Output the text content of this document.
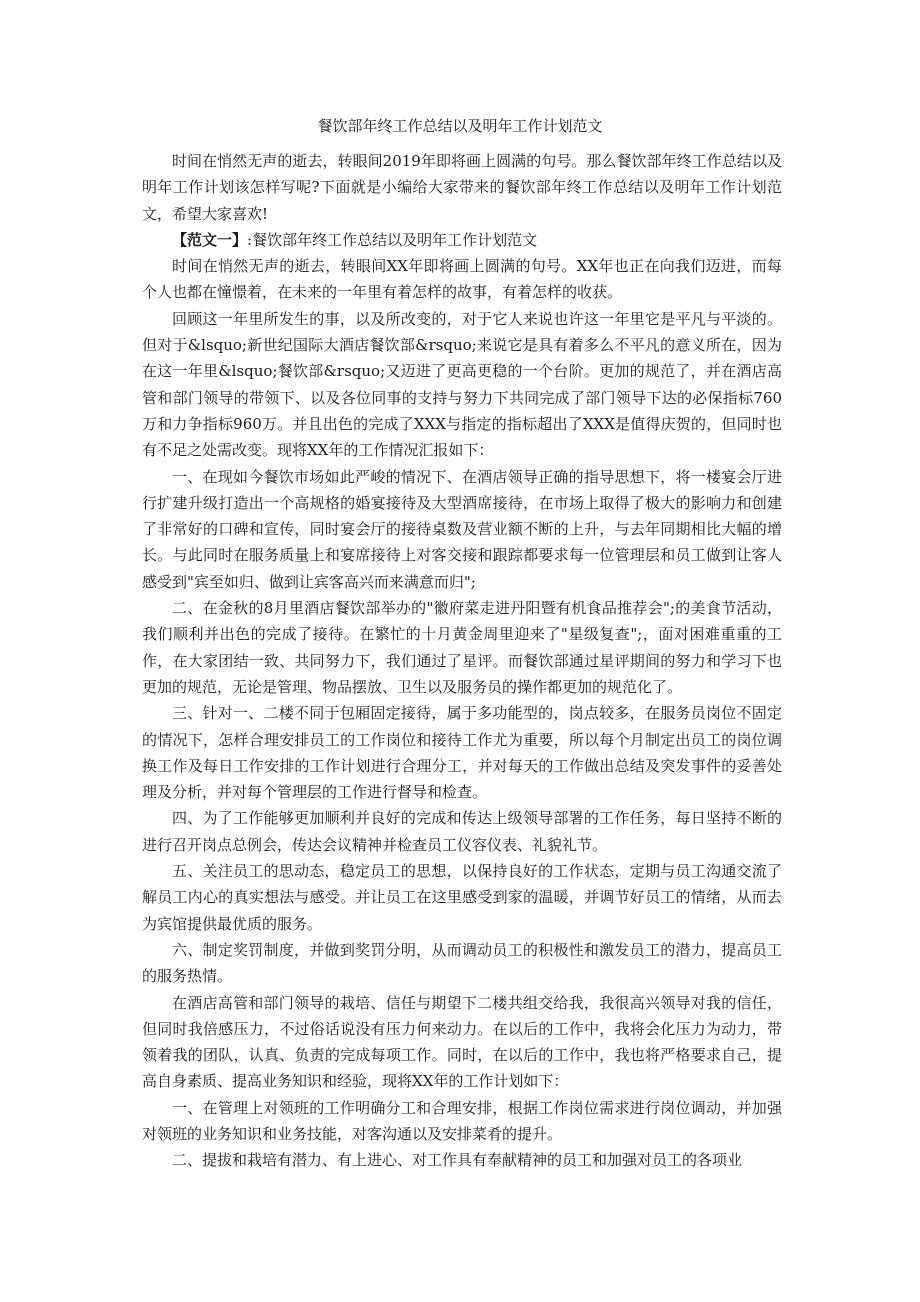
餐饮部年终工作总结以及明年工作计划范文

时间在悄然无声的逝去，转眼间2019年即将画上圆满的句号。那么餐饮部年终工作总结以及明年工作计划该怎样写呢?下面就是小编给大家带来的餐饮部年终工作总结以及明年工作计划范文，希望大家喜欢!

【范文一】:餐饮部年终工作总结以及明年工作计划范文

时间在悄然无声的逝去，转眼间XX年即将画上圆满的句号。XX年也正在向我们迈进，而每个人也都在憧憬着，在未来的一年里有着怎样的故事，有着怎样的收获。

回顾这一年里所发生的事，以及所改变的，对于它人来说也许这一年里它是平凡与平淡的。但对于&lsquo;新世纪国际大酒店餐饮部&rsquo;来说它是具有着多么不平凡的意义所在，因为在这一年里&lsquo;餐饮部&rsquo;又迈进了更高更稳的一个台阶。更加的规范了，并在酒店高管和部门领导的带领下、以及各位同事的支持与努力下共同完成了部门领导下达的必保指标760万和力争指标960万。并且出色的完成了XXX与指定的指标超出了XXX是值得庆贺的，但同时也有不足之处需改变。现将XX年的工作情况汇报如下：

一、在现如今餐饮市场如此严峻的情况下、在酒店领导正确的指导思想下，将一楼宴会厅进行扩建升级打造出一个高规格的婚宴接待及大型酒席接待，在市场上取得了极大的影响力和创建了非常好的口碑和宣传，同时宴会厅的接待桌数及营业额不断的上升，与去年同期相比大幅的增长。与此同时在服务质量上和宴席接待上对客交接和跟踪都要求每一位管理层和员工做到让客人感受到"宾至如归、做到让宾客高兴而来满意而归";

二、在金秋的8月里酒店餐饮部举办的"徽府菜走进丹阳暨有机食品推荐会";的美食节活动，我们顺利并出色的完成了接待。在繁忙的十月黄金周里迎来了"星级复查";，面对困难重重的工作，在大家团结一致、共同努力下，我们通过了星评。而餐饮部通过星评期间的努力和学习下也更加的规范，无论是管理、物品摆放、卫生以及服务员的操作都更加的规范化了。

三、针对一、二楼不同于包厢固定接待，属于多功能型的，岗点较多，在服务员岗位不固定的情况下，怎样合理安排员工的工作岗位和接待工作尤为重要，所以每个月制定出员工的岗位调换工作及每日工作安排的工作计划进行合理分工，并对每天的工作做出总结及突发事件的妥善处理及分析，并对每个管理层的工作进行督导和检查。

四、为了工作能够更加顺利并良好的完成和传达上级领导部署的工作任务，每日坚持不断的进行召开岗点总例会，传达会议精神并检查员工仪容仪表、礼貌礼节。

五、关注员工的思动态，稳定员工的思想，以保持良好的工作状态，定期与员工沟通交流了解员工内心的真实想法与感受。并让员工在这里感受到家的温暖，并调节好员工的情绪，从而去为宾馆提供最优质的服务。

六、制定奖罚制度，并做到奖罚分明，从而调动员工的积极性和激发员工的潜力，提高员工的服务热情。

在酒店高管和部门领导的栽培、信任与期望下二楼共组交给我，我很高兴领导对我的信任，但同时我倍感压力，不过俗话说没有压力何来动力。在以后的工作中，我将会化压力为动力，带领着我的团队，认真、负责的完成每项工作。同时，在以后的工作中，我也将严格要求自己，提高自身素质、提高业务知识和经验，现将XX年的工作计划如下：

一、在管理上对领班的工作明确分工和合理安排，根据工作岗位需求进行岗位调动，并加强对领班的业务知识和业务技能，对客沟通以及安排菜肴的提升。

二、提拔和栽培有潜力、有上进心、对工作具有奉献精神的员工和加强对员工的各项业
